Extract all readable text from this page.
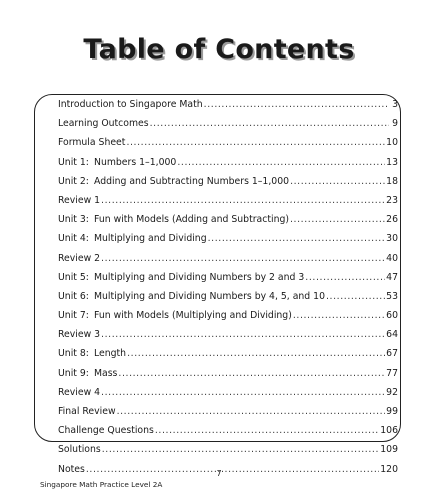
Table of Contents
Introduction to Singapore Math .....	3
Learning Outcomes .....	9
Formula Sheet .....	10
Unit 1: Numbers 1–1,000 .....	13
Unit 2: Adding and Subtracting Numbers 1–1,000 .....	18
Review 1 .....	23
Unit 3: Fun with Models (Adding and Subtracting) .....	26
Unit 4: Multiplying and Dividing .....	30
Review 2 .....	40
Unit 5: Multiplying and Dividing Numbers by 2 and 3 .....	47
Unit 6: Multiplying and Dividing Numbers by 4, 5, and 10 .....	53
Unit 7: Fun with Models (Multiplying and Dividing) .....	60
Review 3 .....	64
Unit 8: Length .....	67
Unit 9: Mass .....	77
Review 4 .....	92
Final Review .....	99
Challenge Questions .....	106
Solutions .....	109
Notes .....	120
7
Singapore Math Practice Level 2A
